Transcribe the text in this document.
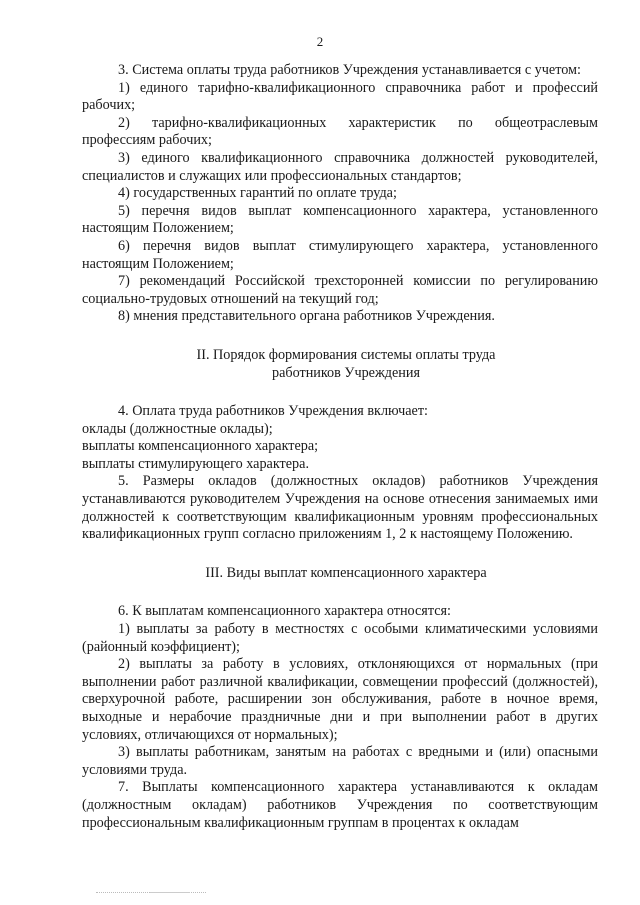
2

3. Система оплаты труда работников Учреждения устанавливается с учетом:

1) единого тарифно-квалификационного справочника работ и профессий рабочих;

2) тарифно-квалификационных характеристик по общеотраслевым профессиям рабочих;

3) единого квалификационного справочника должностей руководителей, специалистов и служащих или профессиональных стандартов;

4) государственных гарантий по оплате труда;

5) перечня видов выплат компенсационного характера, установленного настоящим Положением;

6) перечня видов выплат стимулирующего характера, установленного настоящим Положением;

7) рекомендаций Российской трехсторонней комиссии по регулированию социально-трудовых отношений на текущий год;

8) мнения представительного органа работников Учреждения.

II. Порядок формирования системы оплаты труда
работников Учреждения

4. Оплата труда работников Учреждения включает:

оклады (должностные оклады);

выплаты компенсационного характера;

выплаты стимулирующего характера.

5. Размеры окладов (должностных окладов) работников Учреждения устанавливаются руководителем Учреждения на основе отнесения занимаемых ими должностей к соответствующим квалификационным уровням профессиональных квалификационных групп согласно приложениям 1, 2 к настоящему Положению.

III. Виды выплат компенсационного характера

6. К выплатам компенсационного характера относятся:

1) выплаты за работу в местностях с особыми климатическими условиями (районный коэффициент);

2) выплаты за работу в условиях, отклоняющихся от нормальных (при выполнении работ различной квалификации, совмещении профессий (должностей), сверхурочной работе, расширении зон обслуживания, работе в ночное время, выходные и нерабочие праздничные дни и при выполнении работ в других условиях, отличающихся от нормальных);

3) выплаты работникам, занятым на работах с вредными и (или) опасными условиями труда.

7. Выплаты компенсационного характера устанавливаются к окладам (должностным окладам) работников Учреждения по соответствующим профессиональным квалификационным группам в процентах к окладам
